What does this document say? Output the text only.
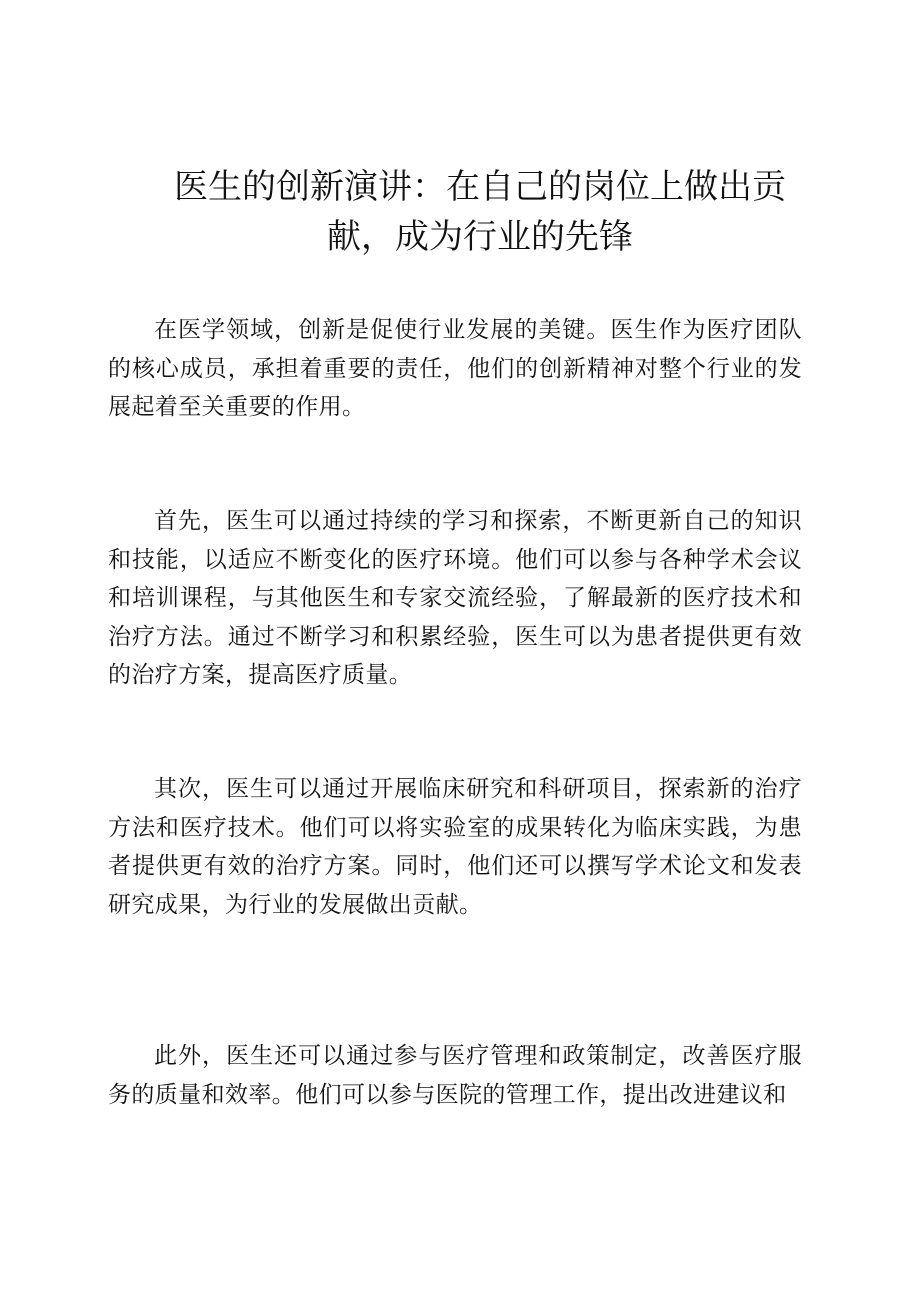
医生的创新演讲：在自己的岗位上做出贡献，成为行业的先锋

在医学领域，创新是促使行业发展的美键。医生作为医疗团队的核心成员，承担着重要的责任，他们的创新精神对整个行业的发展起着至关重要的作用。

首先，医生可以通过持续的学习和探索，不断更新自己的知识和技能，以适应不断变化的医疗环境。他们可以参与各种学术会议和培训课程，与其他医生和专家交流经验，了解最新的医疗技术和治疗方法。通过不断学习和积累经验，医生可以为患者提供更有效的治疗方案，提高医疗质量。

其次，医生可以通过开展临床研究和科研项目，探索新的治疗方法和医疗技术。他们可以将实验室的成果转化为临床实践，为患者提供更有效的治疗方案。同时，他们还可以撰写学术论文和发表研究成果，为行业的发展做出贡献。

此外，医生还可以通过参与医疗管理和政策制定，改善医疗服务的质量和效率。他们可以参与医院的管理工作，提出改进建议和
